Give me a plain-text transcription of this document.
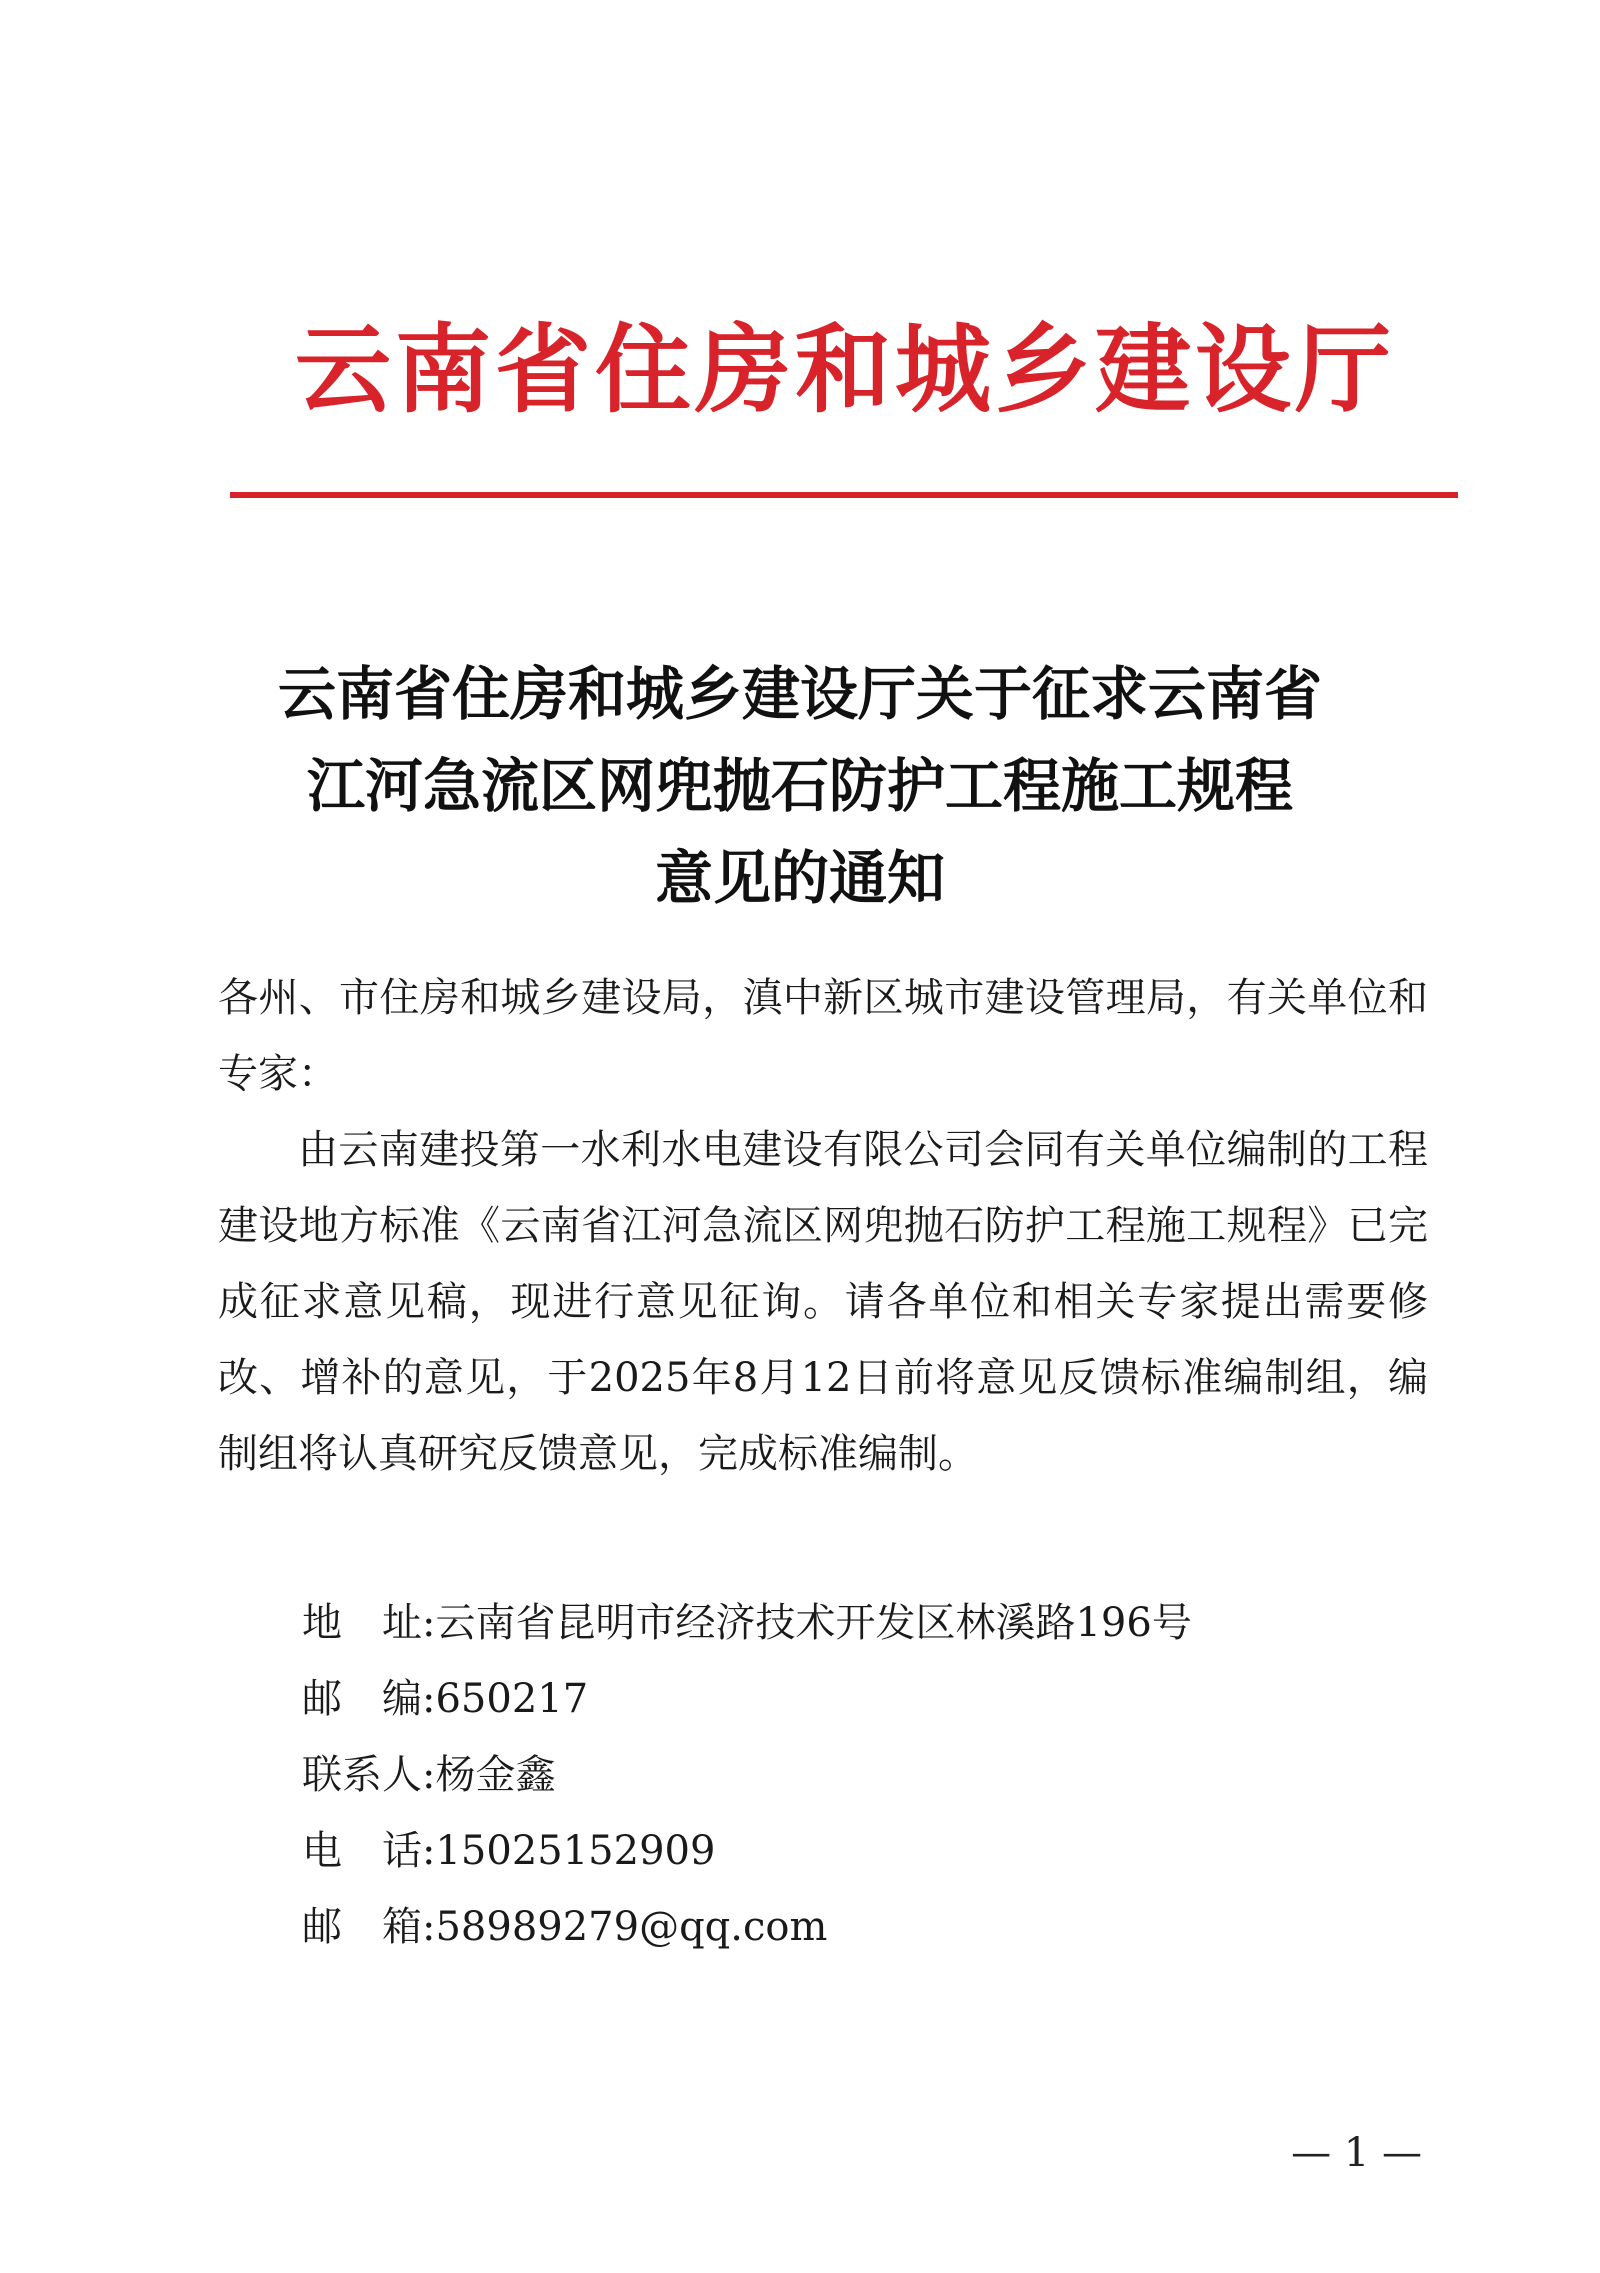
云南省住房和城乡建设厅
云南省住房和城乡建设厅关于征求云南省
江河急流区网兜抛石防护工程施工规程
意见的通知

各州、市住房和城乡建设局，滇中新区城市建设管理局，有关单位和专家：

由云南建投第一水利水电建设有限公司会同有关单位编制的工程建设地方标准《云南省江河急流区网兜抛石防护工程施工规程》已完成征求意见稿，现进行意见征询。请各单位和相关专家提出需要修改、增补的意见，于2025年8月12日前将意见反馈标准编制组，编制组将认真研究反馈意见，完成标准编制。

地　址: 云南省昆明市经济技术开发区林溪路196号
邮　编: 650217
联系人: 杨金鑫
电　话: 15025152909
邮　箱: 58989279@qq.com
— 1 —
